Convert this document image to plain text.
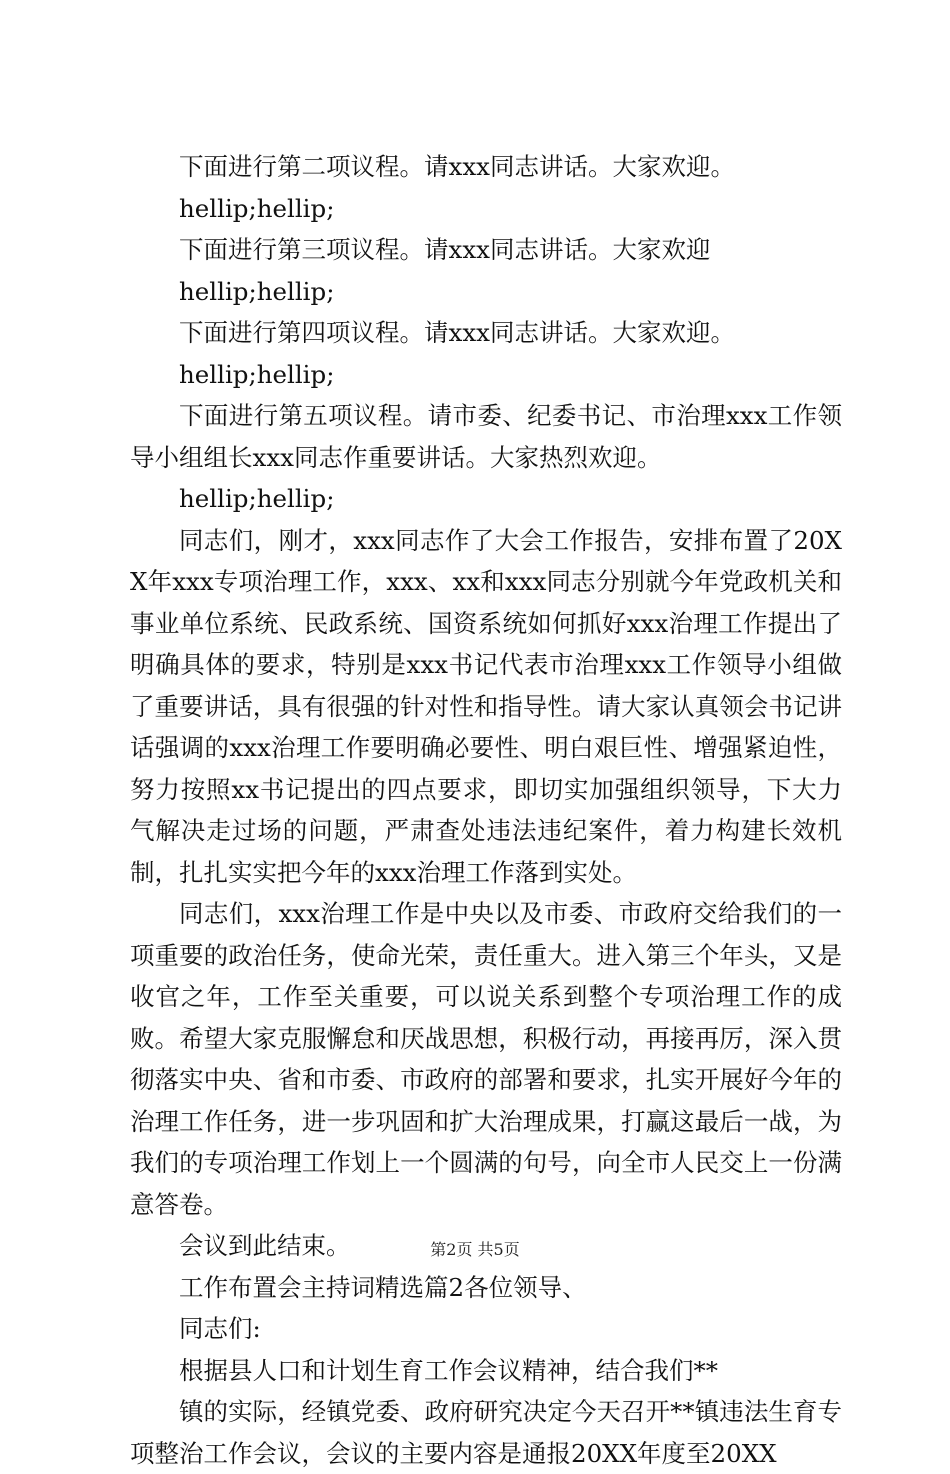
下面进行第二项议程。请xxx同志讲话。大家欢迎。

hellip;hellip;

下面进行第三项议程。请xxx同志讲话。大家欢迎

hellip;hellip;

下面进行第四项议程。请xxx同志讲话。大家欢迎。

hellip;hellip;

下面进行第五项议程。请市委、纪委书记、市治理xxx工作领导小组组长xxx同志作重要讲话。大家热烈欢迎。

hellip;hellip;

同志们，刚才，xxx同志作了大会工作报告，安排布置了20XX年xxx专项治理工作，xxx、xx和xxx同志分别就今年党政机关和事业单位系统、民政系统、国资系统如何抓好xxx治理工作提出了明确具体的要求，特别是xxx书记代表市治理xxx工作领导小组做了重要讲话，具有很强的针对性和指导性。请大家认真领会书记讲话强调的xxx治理工作要明确必要性、明白艰巨性、增强紧迫性，努力按照xx书记提出的四点要求，即切实加强组织领导，下大力气解决走过场的问题，严肃查处违法违纪案件，着力构建长效机制，扎扎实实把今年的xxx治理工作落到实处。

同志们，xxx治理工作是中央以及市委、市政府交给我们的一项重要的政治任务，使命光荣，责任重大。进入第三个年头，又是收官之年，工作至关重要，可以说关系到整个专项治理工作的成败。希望大家克服懈怠和厌战思想，积极行动，再接再厉，深入贯彻落实中央、省和市委、市政府的部署和要求，扎实开展好今年的治理工作任务，进一步巩固和扩大治理成果，打赢这最后一战，为我们的专项治理工作划上一个圆满的句号，向全市人民交上一份满意答卷。

会议到此结束。

工作布置会主持词精选篇2各位领导、

同志们:

根据县人口和计划生育工作会议精神，结合我们**

镇的实际，经镇党委、政府研究决定今天召开**镇违法生育专项整治工作会议，会议的主要内容是通报20XX年度至20XX

第2页 共5页
